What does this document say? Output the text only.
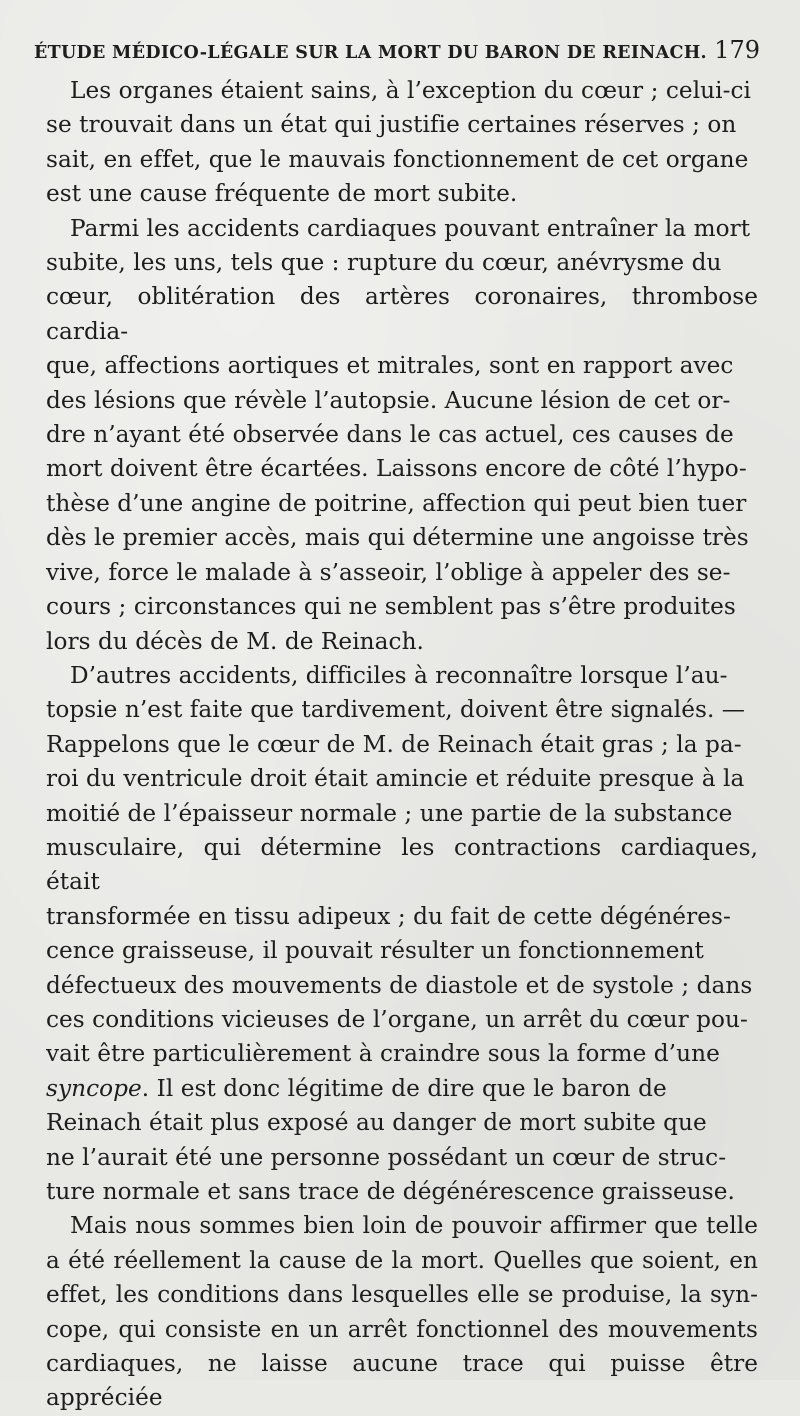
ÉTUDE MÉDICO-LÉGALE SUR LA MORT DU BARON DE REINACH. 179

Les organes étaient sains, à l’exception du cœur ; celui-ci
se trouvait dans un état qui justifie certaines réserves ; on
sait, en effet, que le mauvais fonctionnement de cet organe
est une cause fréquente de mort subite.

Parmi les accidents cardiaques pouvant entraîner la mort
subite, les uns, tels que : rupture du cœur, anévrysme du
cœur, oblitération des artères coronaires, thrombose cardia-
que, affections aortiques et mitrales, sont en rapport avec
des lésions que révèle l’autopsie. Aucune lésion de cet or-
dre n’ayant été observée dans le cas actuel, ces causes de
mort doivent être écartées. Laissons encore de côté l’hypo-
thèse d’une angine de poitrine, affection qui peut bien tuer
dès le premier accès, mais qui détermine une angoisse très
vive, force le malade à s’asseoir, l’oblige à appeler des se-
cours ; circonstances qui ne semblent pas s’être produites
lors du décès de M. de Reinach.

D’autres accidents, difficiles à reconnaître lorsque l’au-
topsie n’est faite que tardivement, doivent être signalés. —
Rappelons que le cœur de M. de Reinach était gras ; la pa-
roi du ventricule droit était amincie et réduite presque à la
moitié de l’épaisseur normale ; une partie de la substance
musculaire, qui détermine les contractions cardiaques, était
transformée en tissu adipeux ; du fait de cette dégénéres-
cence graisseuse, il pouvait résulter un fonctionnement
défectueux des mouvements de diastole et de systole ; dans
ces conditions vicieuses de l’organe, un arrêt du cœur pou-
vait être particulièrement à craindre sous la forme d’une
syncope. Il est donc légitime de dire que le baron de
Reinach était plus exposé au danger de mort subite que
ne l’aurait été une personne possédant un cœur de struc-
ture normale et sans trace de dégénérescence graisseuse.

Mais nous sommes bien loin de pouvoir affirmer que telle
a été réellement la cause de la mort. Quelles que soient, en
effet, les conditions dans lesquelles elle se produise, la syn-
cope, qui consiste en un arrêt fonctionnel des mouvements
cardiaques, ne laisse aucune trace qui puisse être appréciée
